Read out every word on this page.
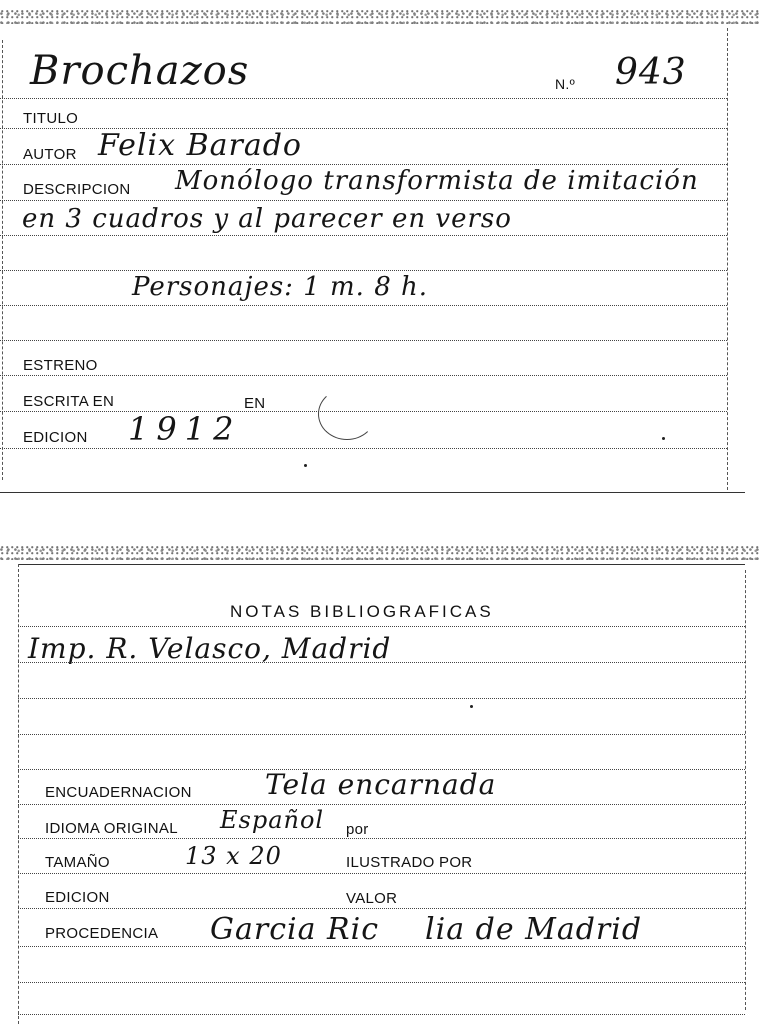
Brochazos	N.º 943
TITULO
AUTOR Felix Barado
DESCRIPCION Monólogo transformista de imitación
en 3 cuadros y al parecer en verso
Personajes: 1 m. 8 h.
ESTRENO
ESCRITA EN	EN
EDICION 1912
NOTAS BIBLIOGRAFICAS
Imp. R. Velasco, Madrid
ENCUADERNACION	Tela encarnada
IDIOMA ORIGINAL Español por
TAMAÑO	13 x 20	ILUSTRADO POR
EDICION	VALOR
PROCEDENCIA Garcia Ric lia de Madrid
